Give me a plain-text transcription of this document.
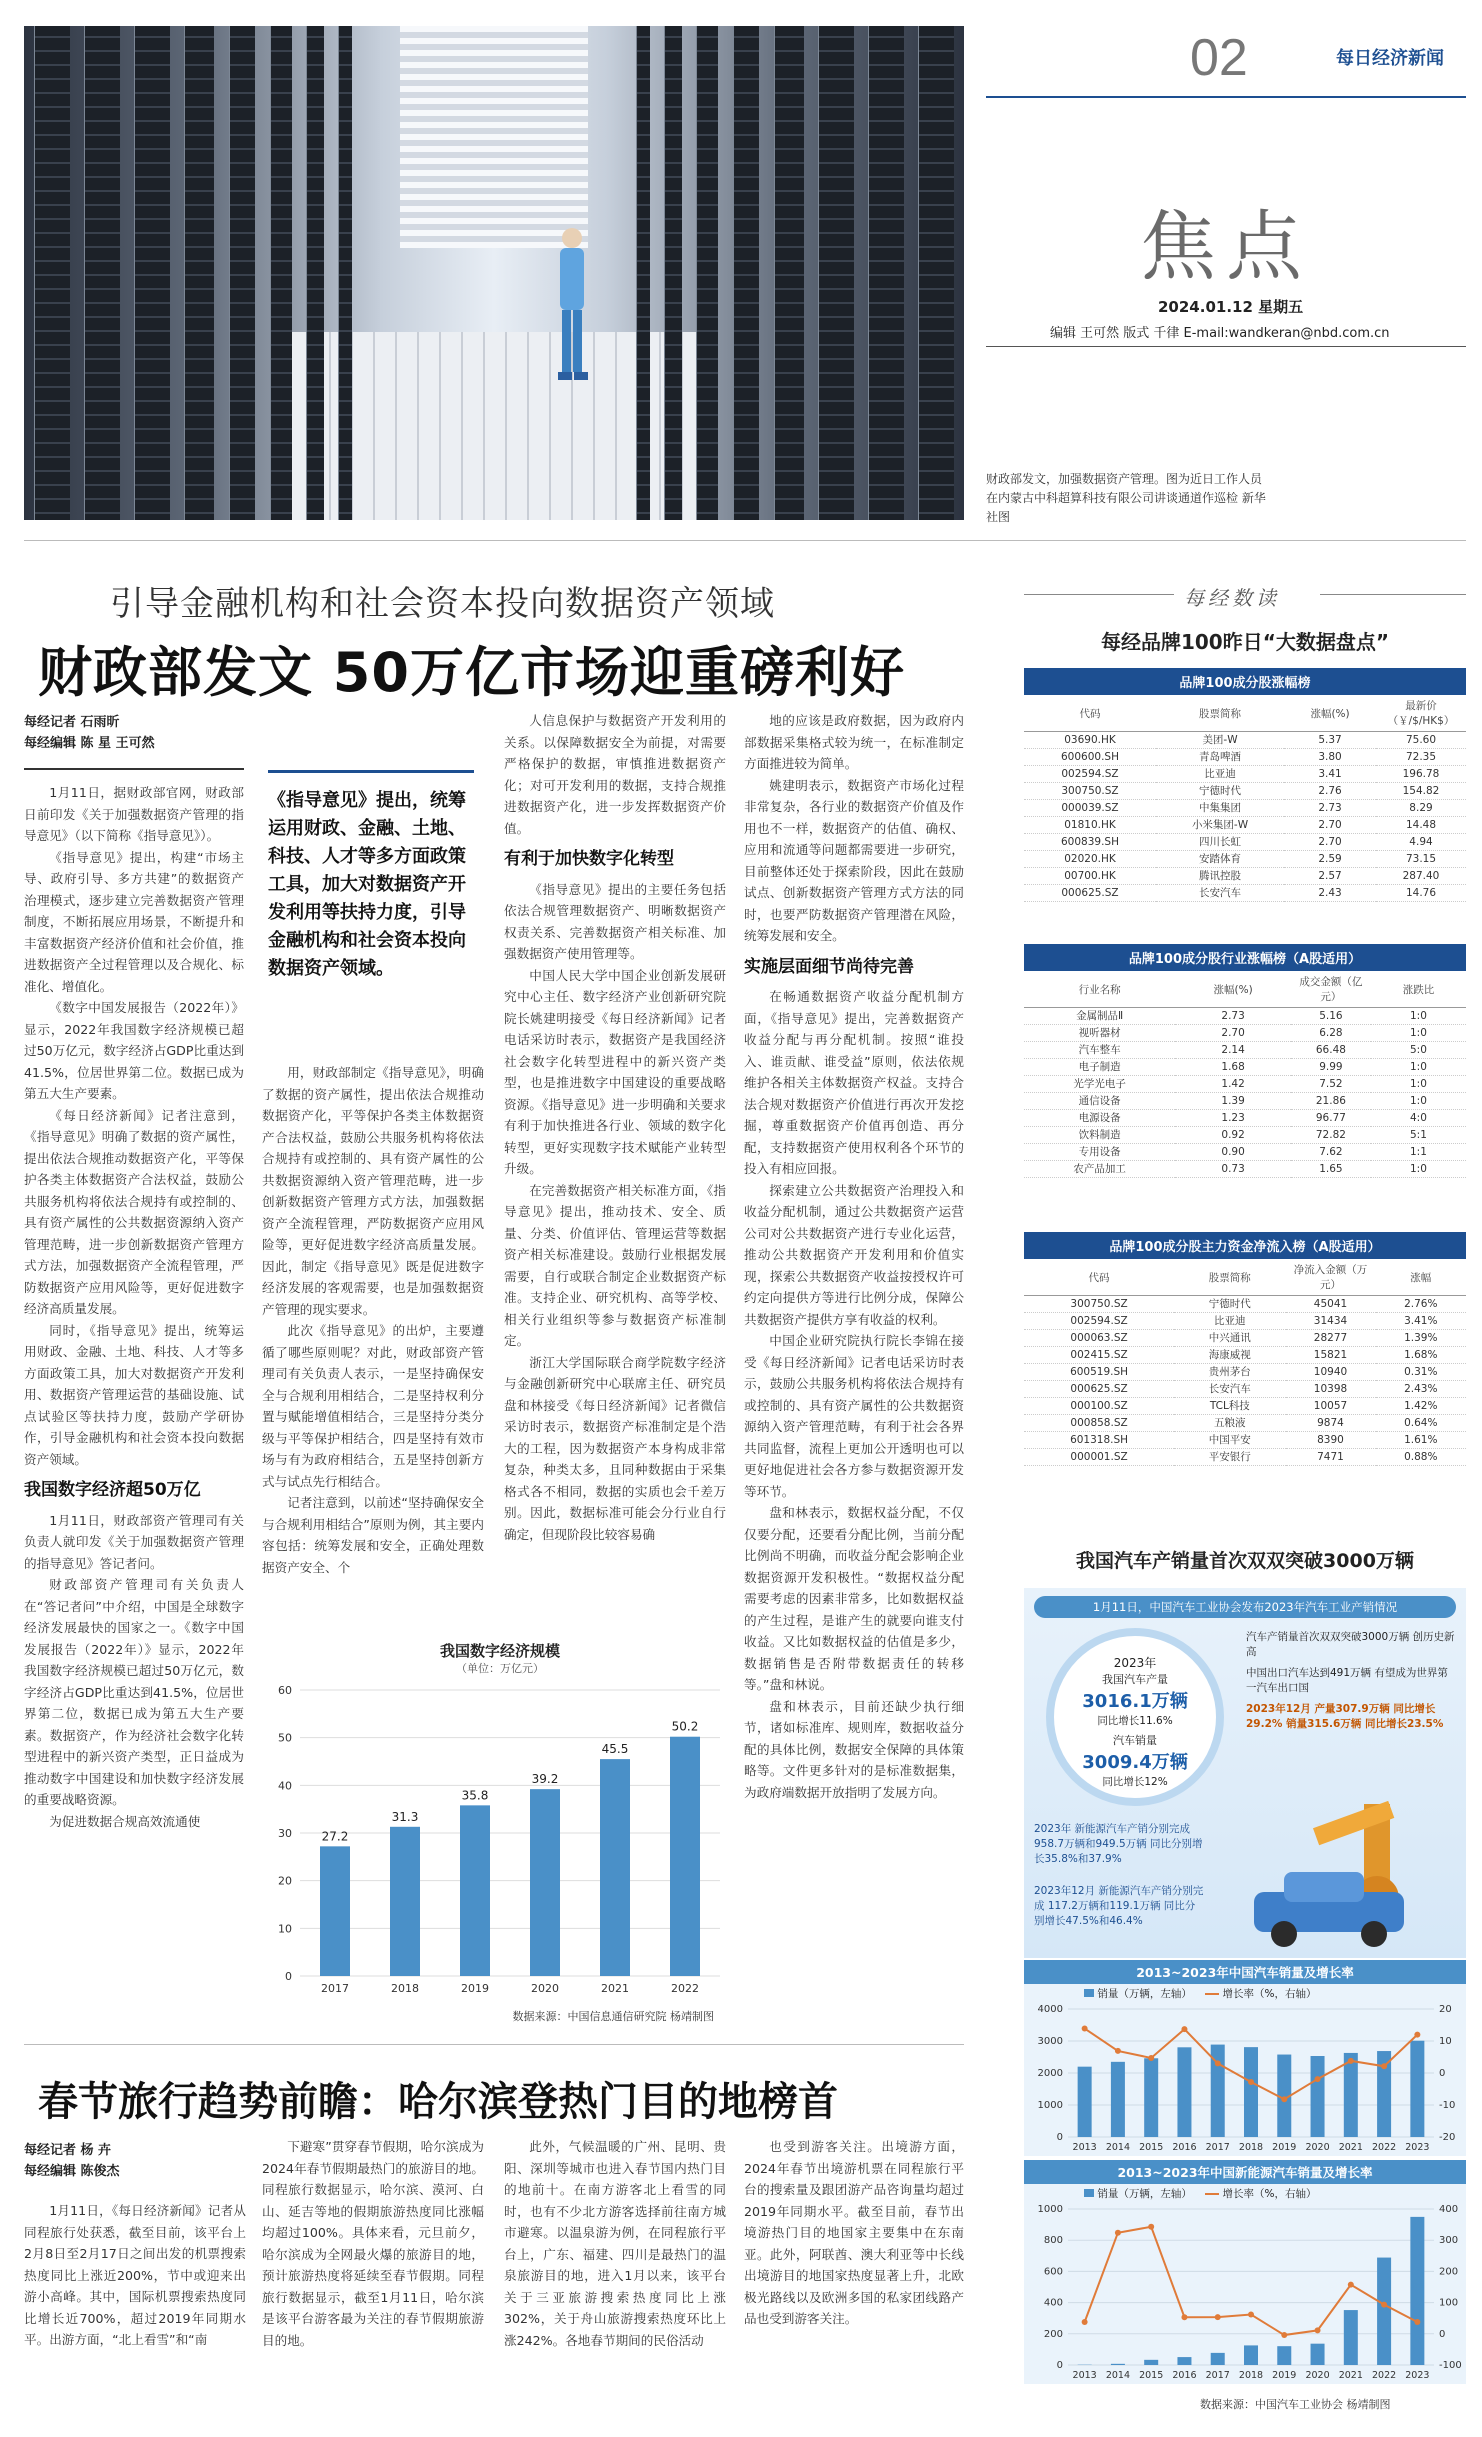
02	每日经济新闻
焦点
2024.01.12 星期五
编辑 王可然 版式 千律 E-mail:wandkeran@nbd.com.cn
财政部发文，加强数据资产管理。图为近日工作人员在内蒙古中科超算科技有限公司讲谈通道作巡检 新华社图
引导金融机构和社会资本投向数据资产领域
财政部发文 50万亿市场迎重磅利好
每经记者 石雨昕
每经编辑 陈 星 王可然

1月11日，据财政部官网，财政部日前印发《关于加强数据资产管理的指导意见》（以下简称《指导意见》）。

《指导意见》提出，构建“市场主导、政府引导、多方共建”的数据资产治理模式，逐步建立完善数据资产管理制度，不断拓展应用场景，不断提升和丰富数据资产经济价值和社会价值，推进数据资产全过程管理以及合规化、标准化、增值化。

《数字中国发展报告（2022年）》显示，2022年我国数字经济规模已超过50万亿元，数字经济占GDP比重达到41.5%，位居世界第二位。数据已成为第五大生产要素。

《每日经济新闻》记者注意到，《指导意见》明确了数据的资产属性，提出依法合规推动数据资产化，平等保护各类主体数据资产合法权益，鼓励公共服务机构将依法合规持有或控制的、具有资产属性的公共数据资源纳入资产管理范畴，进一步创新数据资产管理方式方法，加强数据资产全流程管理，严防数据资产应用风险等，更好促进数字经济高质量发展。

同时，《指导意见》提出，统筹运用财政、金融、土地、科技、人才等多方面政策工具，加大对数据资产开发利用、数据资产管理运营的基础设施、试点试验区等扶持力度，鼓励产学研协作，引导金融机构和社会资本投向数据资产领域。

我国数字经济超50万亿

1月11日，财政部资产管理司有关负责人就印发《关于加强数据资产管理的指导意见》答记者问。

财政部资产管理司有关负责人在“答记者问”中介绍，中国是全球数字经济发展最快的国家之一。《数字中国发展报告（2022年）》显示，2022年我国数字经济规模已超过50万亿元，数字经济占GDP比重达到41.5%，位居世界第二位，数据已成为第五大生产要素。数据资产，作为经济社会数字化转型进程中的新兴资产类型，正日益成为推动数字中国建设和加快数字经济发展的重要战略资源。

为促进数据合规高效流通使

《指导意见》提出，统筹运用财政、金融、土地、科技、人才等多方面政策工具，加大对数据资产开发利用等扶持力度，引导金融机构和社会资本投向数据资产领域。

用，财政部制定《指导意见》，明确了数据的资产属性，提出依法合规推动数据资产化，平等保护各类主体数据资产合法权益，鼓励公共服务机构将依法合规持有或控制的、具有资产属性的公共数据资源纳入资产管理范畴，进一步创新数据资产管理方式方法，加强数据资产全流程管理，严防数据资产应用风险等，更好促进数字经济高质量发展。因此，制定《指导意见》既是促进数字经济发展的客观需要，也是加强数据资产管理的现实要求。

此次《指导意见》的出炉，主要遵循了哪些原则呢？对此，财政部资产管理司有关负责人表示，一是坚持确保安全与合规利用相结合，二是坚持权利分置与赋能增值相结合，三是坚持分类分级与平等保护相结合，四是坚持有效市场与有为政府相结合，五是坚持创新方式与试点先行相结合。

记者注意到，以前述“坚持确保安全与合规利用相结合”原则为例，其主要内容包括：统筹发展和安全，正确处理数据资产安全、个

人信息保护与数据资产开发利用的关系。以保障数据安全为前提，对需要严格保护的数据，审慎推进数据资产化；对可开发利用的数据，支持合规推进数据资产化，进一步发挥数据资产价值。

有利于加快数字化转型

《指导意见》提出的主要任务包括依法合规管理数据资产、明晰数据资产权责关系、完善数据资产相关标准、加强数据资产使用管理等。

中国人民大学中国企业创新发展研究中心主任、数字经济产业创新研究院院长姚建明接受《每日经济新闻》记者电话采访时表示，数据资产是我国经济社会数字化转型进程中的新兴资产类型，也是推进数字中国建设的重要战略资源。《指导意见》进一步明确和关要求有利于加快推进各行业、领域的数字化转型，更好实现数字技术赋能产业转型升级。

在完善数据资产相关标准方面，《指导意见》提出，推动技术、安全、质量、分类、价值评估、管理运营等数据资产相关标准建设。鼓励行业根据发展需要，自行或联合制定企业数据资产标准。支持企业、研究机构、高等学校、相关行业组织等参与数据资产标准制定。

浙江大学国际联合商学院数字经济与金融创新研究中心联席主任、研究员盘和林接受《每日经济新闻》记者微信采访时表示，数据资产标准制定是个浩大的工程，因为数据资产本身构成非常复杂，种类太多，且同种数据由于采集格式各不相同，数据的实质也会千差万别。因此，数据标准可能会分行业自行确定，但现阶段比较容易确

地的应该是政府数据，因为政府内部数据采集格式较为统一，在标准制定方面推进较为简单。

姚建明表示，数据资产市场化过程非常复杂，各行业的数据资产价值及作用也不一样，数据资产的估值、确权、应用和流通等问题都需要进一步研究，目前整体还处于探索阶段，因此在鼓励试点、创新数据资产管理方式方法的同时，也要严防数据资产管理潜在风险，统筹发展和安全。

实施层面细节尚待完善

在畅通数据资产收益分配机制方面，《指导意见》提出，完善数据资产收益分配与再分配机制。按照“谁投入、谁贡献、谁受益”原则，依法依规维护各相关主体数据资产权益。支持合法合规对数据资产价值进行再次开发挖掘，尊重数据资产价值再创造、再分配，支持数据资产使用权利各个环节的投入有相应回报。

探索建立公共数据资产治理投入和收益分配机制，通过公共数据资产运营公司对公共数据资产进行专业化运营，推动公共数据资产开发利用和价值实现，探索公共数据资产收益按授权许可约定向提供方等进行比例分成，保障公共数据资产提供方享有收益的权利。

中国企业研究院执行院长李锦在接受《每日经济新闻》记者电话采访时表示，鼓励公共服务机构将依法合规持有或控制的、具有资产属性的公共数据资源纳入资产管理范畴，有利于社会各界共同监督，流程上更加公开透明也可以更好地促进社会各方参与数据资源开发等环节。

盘和林表示，数据权益分配，不仅仅要分配，还要看分配比例，当前分配比例尚不明确，而收益分配会影响企业数据资源开发积极性。“数据权益分配需要考虑的因素非常多，比如数据权益的产生过程，是谁产生的就要向谁支付收益。又比如数据权益的估值是多少，数据销售是否附带数据责任的转移等。”盘和林说。

盘和林表示，目前还缺少执行细节，诸如标准库、规则库，数据收益分配的具体比例，数据安全保障的具体策略等。文件更多针对的是标准数据集，为政府端数据开放指明了发展方向。

我国数字经济规模
（单位：万亿元）
0
10
20
30
40
50
60
27.2
2017
31.3
2018
35.8
2019
39.2
2020
45.5
2021
50.2
2022
数据来源：中国信息通信研究院 杨靖制图
春节旅行趋势前瞻：哈尔滨登热门目的地榜首
每经记者 杨 卉
每经编辑 陈俊杰

1月11日，《每日经济新闻》记者从同程旅行处获悉，截至目前，该平台上2月8日至2月17日之间出发的机票搜索热度同比上涨近200%，节中或迎来出游小高峰。其中，国际机票搜索热度同比增长近700%，超过2019年同期水平。出游方面，“北上看雪”和“南

下避寒”贯穿春节假期，哈尔滨成为2024年春节假期最热门的旅游目的地。同程旅行数据显示，哈尔滨、漠河、白山、延吉等地的假期旅游热度同比涨幅均超过100%。具体来看，元旦前夕，哈尔滨成为全网最火爆的旅游目的地，预计旅游热度将延续至春节假期。同程旅行数据显示，截至1月11日，哈尔滨是该平台游客最为关注的春节假期旅游目的地。

此外，气候温暖的广州、昆明、贵阳、深圳等城市也进入春节国内热门目的地前十。在南方游客北上看雪的同时，也有不少北方游客选择前往南方城市避寒。以温泉游为例，在同程旅行平台上，广东、福建、四川是最热门的温泉旅游目的地，进入1月以来，该平台关于三亚旅游搜索热度同比上涨302%，关于舟山旅游搜索热度环比上涨242%。各地春节期间的民俗活动

也受到游客关注。出境游方面，2024年春节出境游机票在同程旅行平台的搜索量及跟团游产品咨询量均超过2019年同期水平。截至目前，春节出境游热门目的地国家主要集中在东南亚。此外，阿联酋、澳大利亚等中长线出境游目的地国家热度显著上升，北欧极光路线以及欧洲多国的私家团线路产品也受到游客关注。

每经数读
每经品牌100昨日“大数据盘点”
品牌100成分股涨幅榜
代码	股票简称	涨幅(%)	最新价（￥/$/HK$）
03690.HK	美团-W	5.37	75.60
600600.SH	青岛啤酒	3.80	72.35
002594.SZ	比亚迪	3.41	196.78
300750.SZ	宁德时代	2.76	154.82
000039.SZ	中集集团	2.73	8.29
01810.HK	小米集团-W	2.70	14.48
600839.SH	四川长虹	2.70	4.94
02020.HK	安踏体育	2.59	73.15
00700.HK	腾讯控股	2.57	287.40
000625.SZ	长安汽车	2.43	14.76
品牌100成分股行业涨幅榜（A股适用）
行业名称	涨幅(%)	成交金额（亿元）	涨跌比
金属制品Ⅱ	2.73	5.16	1:0
视听器材	2.70	6.28	1:0
汽车整车	2.14	66.48	5:0
电子制造	1.68	9.99	1:0
光学光电子	1.42	7.52	1:0
通信设备	1.39	21.86	1:0
电源设备	1.23	96.77	4:0
饮料制造	0.92	72.82	5:1
专用设备	0.90	7.62	1:1
农产品加工	0.73	1.65	1:0
品牌100成分股主力资金净流入榜（A股适用）
代码	股票简称	净流入金额（万元）	涨幅
300750.SZ	宁德时代	45041	2.76%
002594.SZ	比亚迪	31434	3.41%
000063.SZ	中兴通讯	28277	1.39%
002415.SZ	海康威视	15821	1.68%
600519.SH	贵州茅台	10940	0.31%
000625.SZ	长安汽车	10398	2.43%
000100.SZ	TCL科技	10057	1.42%
000858.SZ	五粮液	9874	0.64%
601318.SH	中国平安	8390	1.61%
000001.SZ	平安银行	7471	0.88%
我国汽车产销量首次双双突破3000万辆
1月11日，中国汽车工业协会发布2023年汽车工业产销情况
2023年
我国汽车产量
3016.1万辆
同比增长11.6%
汽车销量
3009.4万辆
同比增长12%
汽车产销量首次双双突破3000万辆 创历史新高
中国出口汽车达到491万辆 有望成为世界第一汽车出口国
2023年12月 产量307.9万辆 同比增长29.2% 销量315.6万辆 同比增长23.5%
2023年 新能源汽车产销分别完成 958.7万辆和949.5万辆 同比分别增长35.8%和37.9%
2023年12月 新能源汽车产销分别完成 117.2万辆和119.1万辆 同比分别增长47.5%和46.4%
2013~2023年中国汽车销量及增长率
销量（万辆，左轴）	增长率（%，右轴）
0
1000
2000
3000
4000
-20
-10
0
10
20
2013 2014 2015 2016 2017 2018 2019 2020 2021 2022 2023
2013~2023年中国新能源汽车销量及增长率
销量（万辆，左轴）	增长率（%，右轴）
0
200
400
600
800
1000
-100
0
100
200
300
400
2013 2014 2015 2016 2017 2018 2019 2020 2021 2022 2023
数据来源：中国汽车工业协会 杨靖制图
